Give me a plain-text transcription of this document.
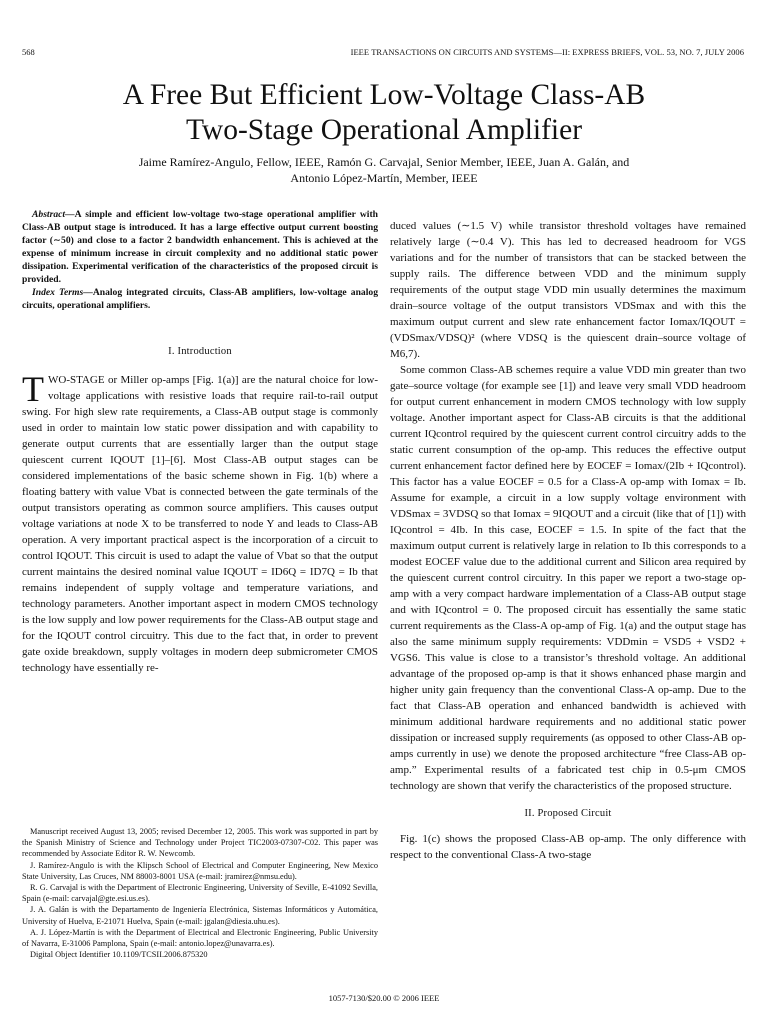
568	IEEE TRANSACTIONS ON CIRCUITS AND SYSTEMS—II: EXPRESS BRIEFS, VOL. 53, NO. 7, JULY 2006
A Free But Efficient Low-Voltage Class-AB
Two-Stage Operational Amplifier
Jaime Ramírez-Angulo, Fellow, IEEE, Ramón G. Carvajal, Senior Member, IEEE, Juan A. Galán, and
Antonio López-Martín, Member, IEEE

Abstract—A simple and efficient low-voltage two-stage operational amplifier with Class-AB output stage is introduced. It has a large effective output current boosting factor (∼50) and close to a factor 2 bandwidth enhancement. This is achieved at the expense of minimum increase in circuit complexity and no additional static power dissipation. Experimental verification of the characteristics of the proposed circuit is provided.

Index Terms—Analog integrated circuits, Class-AB amplifiers, low-voltage analog circuits, operational amplifiers.

I. Introduction

TWO-STAGE or Miller op-amps [Fig. 1(a)] are the natural choice for low-voltage applications with resistive loads that require rail-to-rail output swing. For high slew rate requirements, a Class-AB output stage is commonly used in order to maintain low static power dissipation and with capability to generate output currents that are essentially larger than the output stage quiescent current IQOUT [1]–[6]. Most Class-AB output stages can be considered implementations of the basic scheme shown in Fig. 1(b) where a floating battery with value Vbat is connected between the gate terminals of the output transistors operating as common source amplifiers. This causes output voltage variations at node X to be transferred to node Y and leads to Class-AB operation. A very important practical aspect is the incorporation of a circuit to control IQOUT. This circuit is used to adapt the value of Vbat so that the output current maintains the desired nominal value IQOUT = ID6Q = ID7Q = Ib that remains independent of supply voltage and temperature variations, and technology parameters. Another important aspect in modern CMOS technology is the low supply and low power requirements for the Class-AB output stage and for the IQOUT control circuitry. This due to the fact that, in order to prevent gate oxide breakdown, supply voltages in modern deep submicrometer CMOS technology have essentially re-

Manuscript received August 13, 2005; revised December 12, 2005. This work was supported in part by the Spanish Ministry of Science and Technology under Project TIC2003-07307-C02. This paper was recommended by Associate Editor R. W. Newcomb.

J. Ramírez-Angulo is with the Klipsch School of Electrical and Computer Engineering, New Mexico State University, Las Cruces, NM 88003-8001 USA (e-mail: jramirez@nmsu.edu).

R. G. Carvajal is with the Department of Electronic Engineering, University of Seville, E-41092 Sevilla, Spain (e-mail: carvajal@gte.esi.us.es).

J. A. Galán is with the Departamento de Ingeniería Electrónica, Sistemas Informáticos y Automática, University of Huelva, E-21071 Huelva, Spain (e-mail: jgalan@diesia.uhu.es).

A. J. López-Martín is with the Department of Electrical and Electronic Engineering, Public University of Navarra, E-31006 Pamplona, Spain (e-mail: antonio.lopez@unavarra.es).

Digital Object Identifier 10.1109/TCSII.2006.875320

duced values (∼1.5 V) while transistor threshold voltages have remained relatively large (∼0.4 V). This has led to decreased headroom for VGS variations and for the number of transistors that can be stacked between the supply rails. The difference between VDD and the minimum supply requirements of the output stage VDD min usually determines the maximum drain–source voltage of the output transistors VDSmax and with this the maximum output current and slew rate enhancement factor Iomax/IQOUT = (VDSmax/VDSQ)² (where VDSQ is the quiescent drain–source voltage of M6,7).

Some common Class-AB schemes require a value VDD min greater than two gate–source voltage (for example see [1]) and leave very small VDD headroom for output current enhancement in modern CMOS technology with low supply voltage. Another important aspect for Class-AB circuits is that the additional current IQcontrol required by the quiescent current control circuitry adds to the static current consumption of the op-amp. This reduces the effective output current enhancement factor defined here by EOCEF = Iomax/(2Ib + IQcontrol). This factor has a value EOCEF = 0.5 for a Class-A op-amp with Iomax = Ib. Assume for example, a circuit in a low supply voltage environment with VDSmax = 3VDSQ so that Iomax = 9IQOUT and a circuit (like that of [1]) with IQcontrol = 4Ib. In this case, EOCEF = 1.5. In spite of the fact that the maximum output current is relatively large in relation to Ib this corresponds to a modest EOCEF value due to the additional current and Silicon area required by the quiescent current control circuitry. In this paper we report a two-stage op-amp with a very compact hardware implementation of a Class-AB output stage and with IQcontrol = 0. The proposed circuit has essentially the same static current requirements as the Class-A op-amp of Fig. 1(a) and the output stage has also the same minimum supply requirements: VDDmin = VSD5 + VSD2 + VGS6. This value is close to a transistor’s threshold voltage. An additional advantage of the proposed op-amp is that it shows enhanced phase margin and higher unity gain frequency than the conventional Class-A op-amp. Due to the fact that Class-AB operation and enhanced bandwidth is achieved with minimum additional hardware requirements and no additional static power dissipation or increased supply requirements (as opposed to other Class-AB op-amps currently in use) we denote the proposed architecture “free Class-AB op-amp.” Experimental results of a fabricated test chip in 0.5-μm CMOS technology are shown that verify the characteristics of the proposed structure.

II. Proposed Circuit

Fig. 1(c) shows the proposed Class-AB op-amp. The only difference with respect to the conventional Class-A two-stage

1057-7130/$20.00 © 2006 IEEE
